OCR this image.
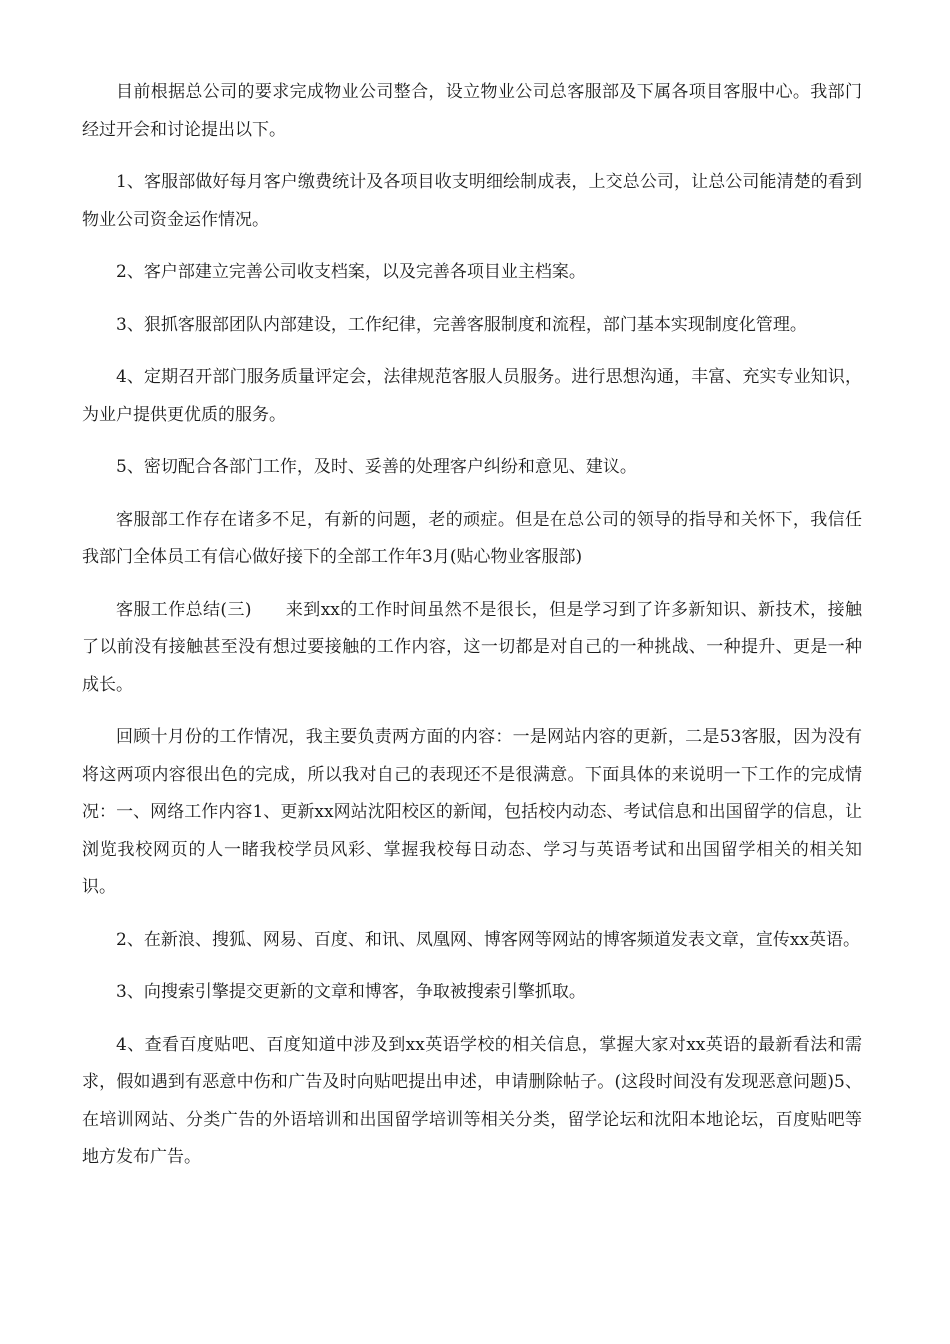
目前根据总公司的要求完成物业公司整合，设立物业公司总客服部及下属各项目客服中心。我部门经过开会和讨论提出以下。

1、客服部做好每月客户缴费统计及各项目收支明细绘制成表，上交总公司，让总公司能清楚的看到物业公司资金运作情况。

2、客户部建立完善公司收支档案，以及完善各项目业主档案。

3、狠抓客服部团队内部建设，工作纪律，完善客服制度和流程，部门基本实现制度化管理。

4、定期召开部门服务质量评定会，法律规范客服人员服务。进行思想沟通，丰富、充实专业知识，为业户提供更优质的服务。

5、密切配合各部门工作，及时、妥善的处理客户纠纷和意见、建议。

客服部工作存在诸多不足，有新的问题，老的顽症。但是在总公司的领导的指导和关怀下，我信任我部门全体员工有信心做好接下的全部工作年3月(贴心物业客服部)

客服工作总结(三) 来到xx的工作时间虽然不是很长，但是学习到了许多新知识、新技术，接触了以前没有接触甚至没有想过要接触的工作内容，这一切都是对自己的一种挑战、一种提升、更是一种成长。

回顾十月份的工作情况，我主要负责两方面的内容：一是网站内容的更新，二是53客服，因为没有将这两项内容很出色的完成，所以我对自己的表现还不是很满意。下面具体的来说明一下工作的完成情况：一、网络工作内容1、更新xx网站沈阳校区的新闻，包括校内动态、考试信息和出国留学的信息，让浏览我校网页的人一睹我校学员风彩、掌握我校每日动态、学习与英语考试和出国留学相关的相关知识。

2、在新浪、搜狐、网易、百度、和讯、凤凰网、博客网等网站的博客频道发表文章，宣传xx英语。

3、向搜索引擎提交更新的文章和博客，争取被搜索引擎抓取。

4、查看百度贴吧、百度知道中涉及到xx英语学校的相关信息，掌握大家对xx英语的最新看法和需求，假如遇到有恶意中伤和广告及时向贴吧提出申述，申请删除帖子。(这段时间没有发现恶意问题)5、在培训网站、分类广告的外语培训和出国留学培训等相关分类，留学论坛和沈阳本地论坛，百度贴吧等地方发布广告。
